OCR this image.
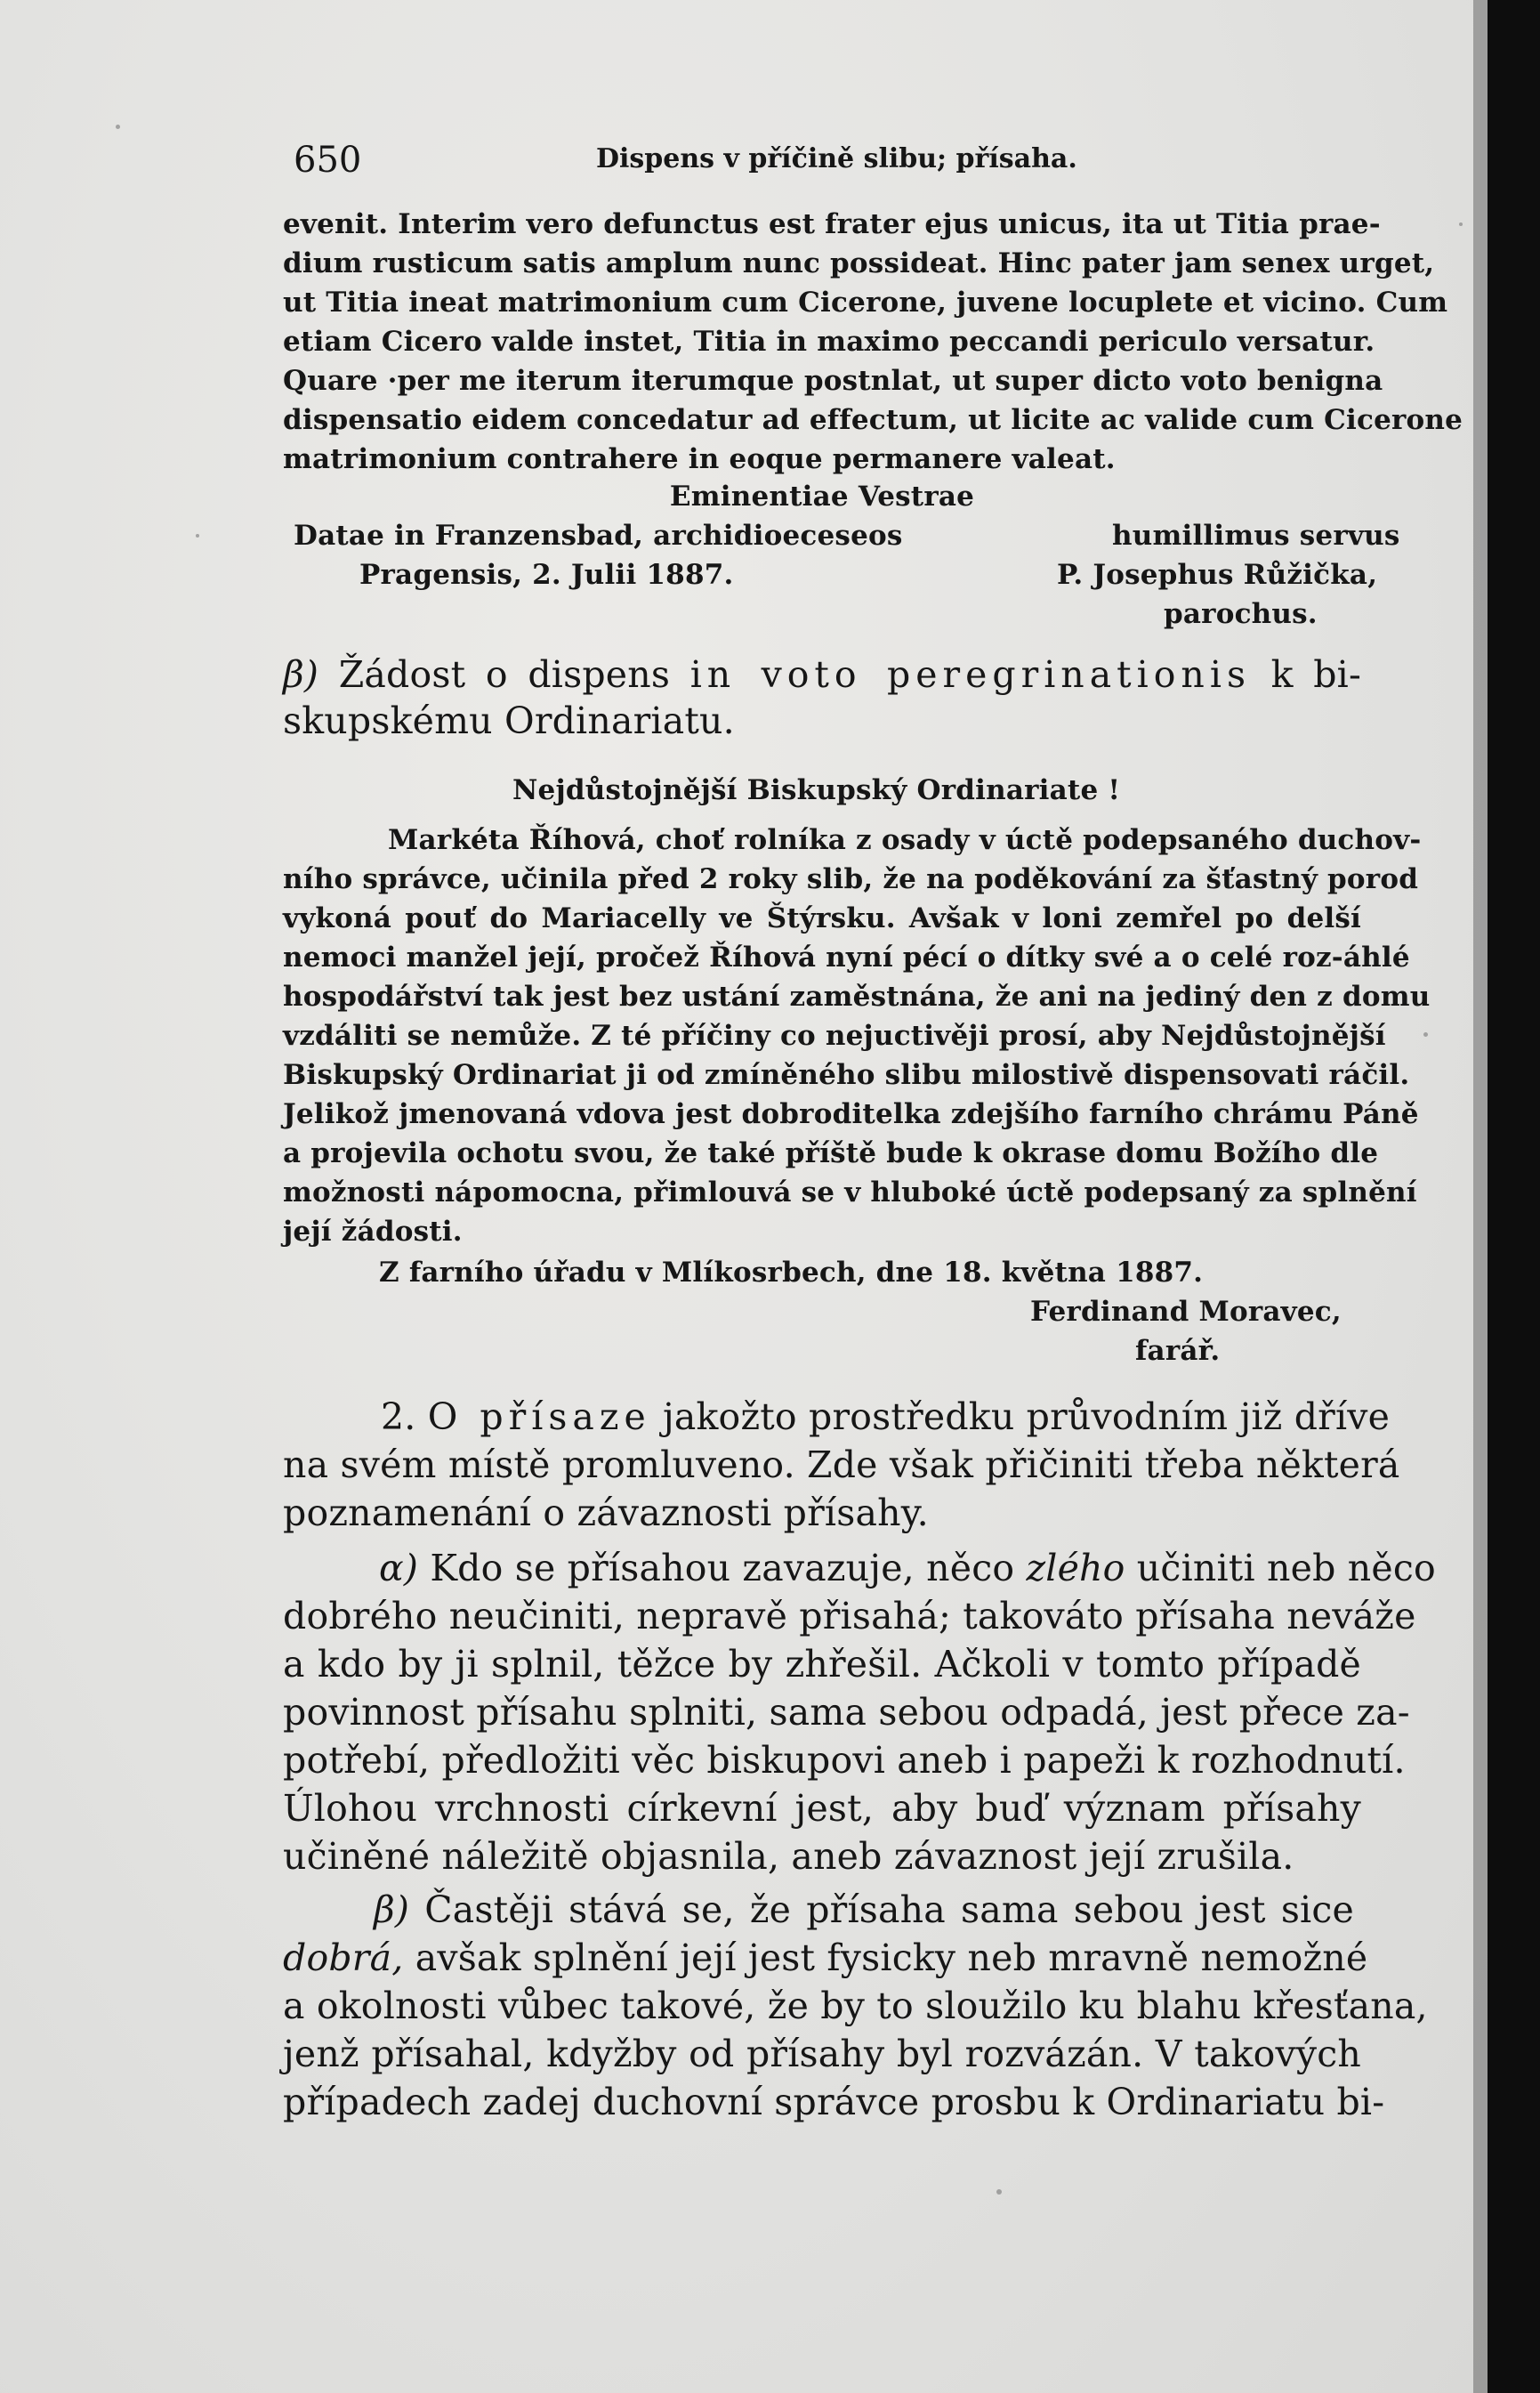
650	Dispens v příčině slibu; přísaha.
evenit. Interim vero defunctus est frater ejus unicus, ita ut Titia prae-
dium rusticum satis amplum nunc possideat. Hinc pater jam senex urget,
ut Titia ineat matrimonium cum Cicerone, juvene locuplete et vicino. Cum
etiam Cicero valde instet, Titia in maximo peccandi periculo versatur.
Quare ·per me iterum iterumque postnlat, ut super dicto voto benigna
dispensatio eidem concedatur ad effectum, ut licite ac valide cum Cicerone
matrimonium contrahere in eoque permanere valeat.
Eminentiae Vestrae
Datae in Franzensbad, archidioeceseos
Pragensis, 2. Julii 1887.
humillimus servus
P. Josephus Růžička,
parochus.
β) Žádost o dispens in voto peregrinationis k bi-
skupskému Ordinariatu.
Nejdůstojnější Biskupský Ordinariate !
Markéta Říhová, choť rolníka z osady v úctě podepsaného duchov-
ního správce, učinila před 2 roky slib, že na poděkování za šťastný porod
vykoná pouť do Mariacelly ve Štýrsku. Avšak v loni zemřel po delší
nemoci manžel její, pročež Říhová nyní pécí o dítky své a o celé roz-áhlé
hospodářství tak jest bez ustání zaměstnána, že ani na jediný den z domu
vzdáliti se nemůže. Z té příčiny co nejuctivěji prosí, aby Nejdůstojnější
Biskupský Ordinariat ji od zmíněného slibu milostivě dispensovati ráčil.
Jelikož jmenovaná vdova jest dobroditelka zdejšího farního chrámu Páně
a projevila ochotu svou, že také příště bude k okrase domu Božího dle
možnosti nápomocna, přimlouvá se v hluboké úctě podepsaný za splnění
její žádosti.
Z farního úřadu v Mlíkosrbech, dne 18. května 1887.
Ferdinand Moravec,
farář.
2. O přísaze jakožto prostředku průvodním již dříve
na svém místě promluveno. Zde však přičiniti třeba některá
poznamenání o závaznosti přísahy.
α) Kdo se přísahou zavazuje, něco zlého učiniti neb něco
dobrého neučiniti, nepravě přisahá; takováto přísaha neváže
a kdo by ji splnil, těžce by zhřešil. Ačkoli v tomto případě
povinnost přísahu splniti, sama sebou odpadá, jest přece za-
potřebí, předložiti věc biskupovi aneb i papeži k rozhodnutí.
Úlohou vrchnosti církevní jest, aby buď význam přísahy
učiněné náležitě objasnila, aneb závaznost její zrušila.
β) Častěji stává se, že přísaha sama sebou jest sice
dobrá, avšak splnění její jest fysicky neb mravně nemožné
a okolnosti vůbec takové, že by to sloužilo ku blahu křesťana,
jenž přísahal, kdyžby od přísahy byl rozvázán. V takových
případech zadej duchovní správce prosbu k Ordinariatu bi-
